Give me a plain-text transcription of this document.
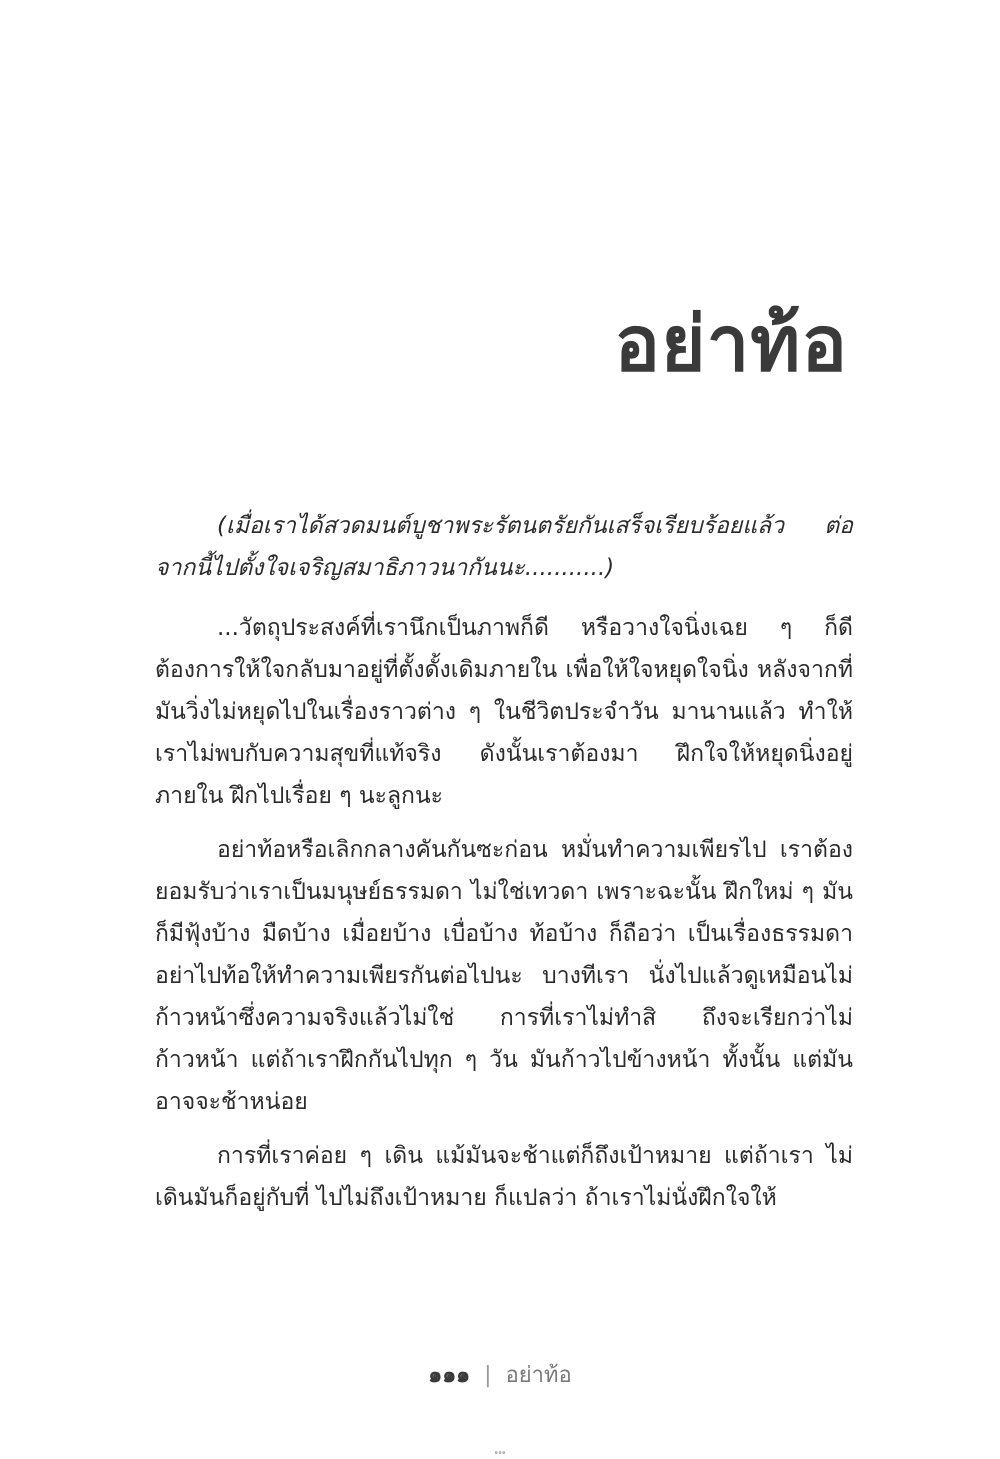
อย่าท้อ

(เมื่อเราได้สวดมนต์บูชาพระรัตนตรัยกันเสร็จเรียบร้อยแล้ว ต่อจากนี้ไปตั้งใจเจริญสมาธิภาวนากันนะ...........)

...วัตถุประสงค์ที่เรานึกเป็นภาพก็ดี หรือวางใจนิ่งเฉย ๆ ก็ดี ต้องการให้ใจกลับมาอยู่ที่ตั้งดั้งเดิมภายใน เพื่อให้ใจหยุดใจนิ่ง หลังจากที่มันวิ่งไม่หยุดไปในเรื่องราวต่าง ๆ ในชีวิตประจำวัน มานานแล้ว ทำให้เราไม่พบกับความสุขที่แท้จริง ดังนั้นเราต้องมา ฝึกใจให้หยุดนิ่งอยู่ภายใน ฝึกไปเรื่อย ๆ นะลูกนะ

อย่าท้อหรือเลิกกลางคันกันซะก่อน หมั่นทำความเพียรไป เราต้องยอมรับว่าเราเป็นมนุษย์ธรรมดา ไม่ใช่เทวดา เพราะฉะนั้น ฝึกใหม่ ๆ มันก็มีฟุ้งบ้าง มืดบ้าง เมื่อยบ้าง เบื่อบ้าง ท้อบ้าง ก็ถือว่า เป็นเรื่องธรรมดา อย่าไปท้อให้ทำความเพียรกันต่อไปนะ บางทีเรา นั่งไปแล้วดูเหมือนไม่ก้าวหน้าซึ่งความจริงแล้วไม่ใช่ การที่เราไม่ทำสิ ถึงจะเรียกว่าไม่ก้าวหน้า แต่ถ้าเราฝึกกันไปทุก ๆ วัน มันก้าวไปข้างหน้า ทั้งนั้น แต่มันอาจจะช้าหน่อย

การที่เราค่อย ๆ เดิน แม้มันจะช้าแต่ก็ถึงเป้าหมาย แต่ถ้าเรา ไม่เดินมันก็อยู่กับที่ ไปไม่ถึงเป้าหมาย ก็แปลว่า ถ้าเราไม่นั่งฝึกใจให้

๑๑๑ | อย่าท้อ
๑๑๑
